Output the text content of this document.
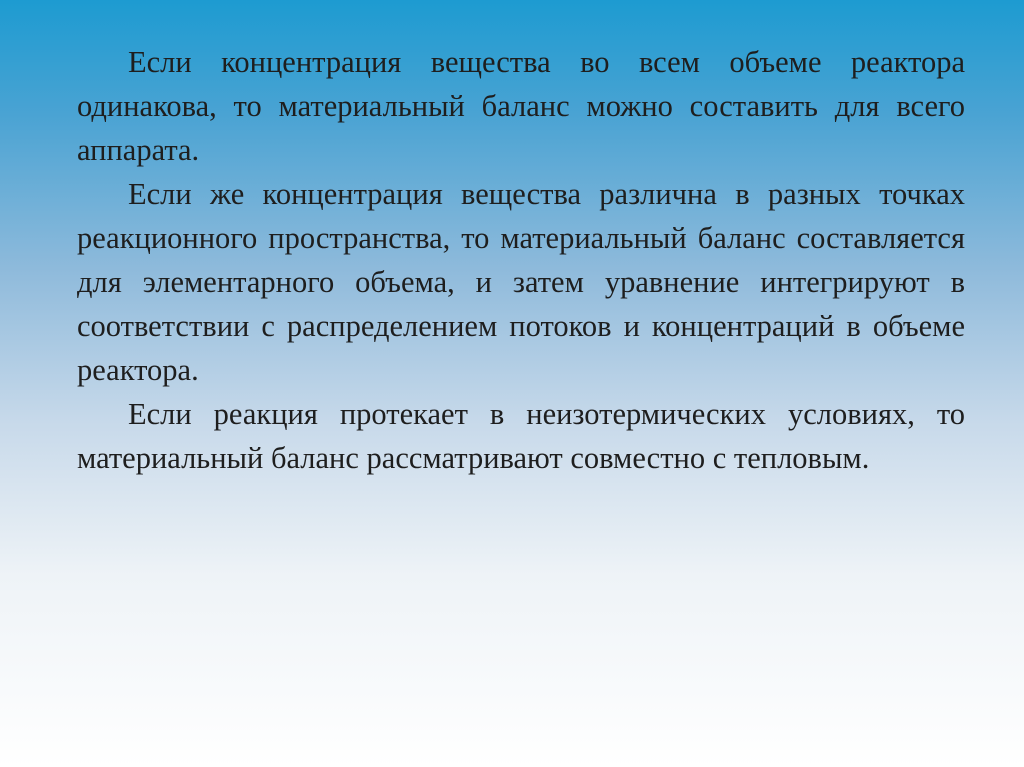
Если концентрация вещества во всем объеме реактора одинакова, то материальный баланс можно составить для всего аппарата.

Если же концентрация вещества различна в разных точках реакционного пространства, то материальный баланс составляется для элементарного объема, и затем уравнение интегрируют в соответствии с распределением потоков и концентраций в объеме реактора.

Если реакция протекает в неизотермических условиях, то материальный баланс рассматривают совместно с тепловым.
